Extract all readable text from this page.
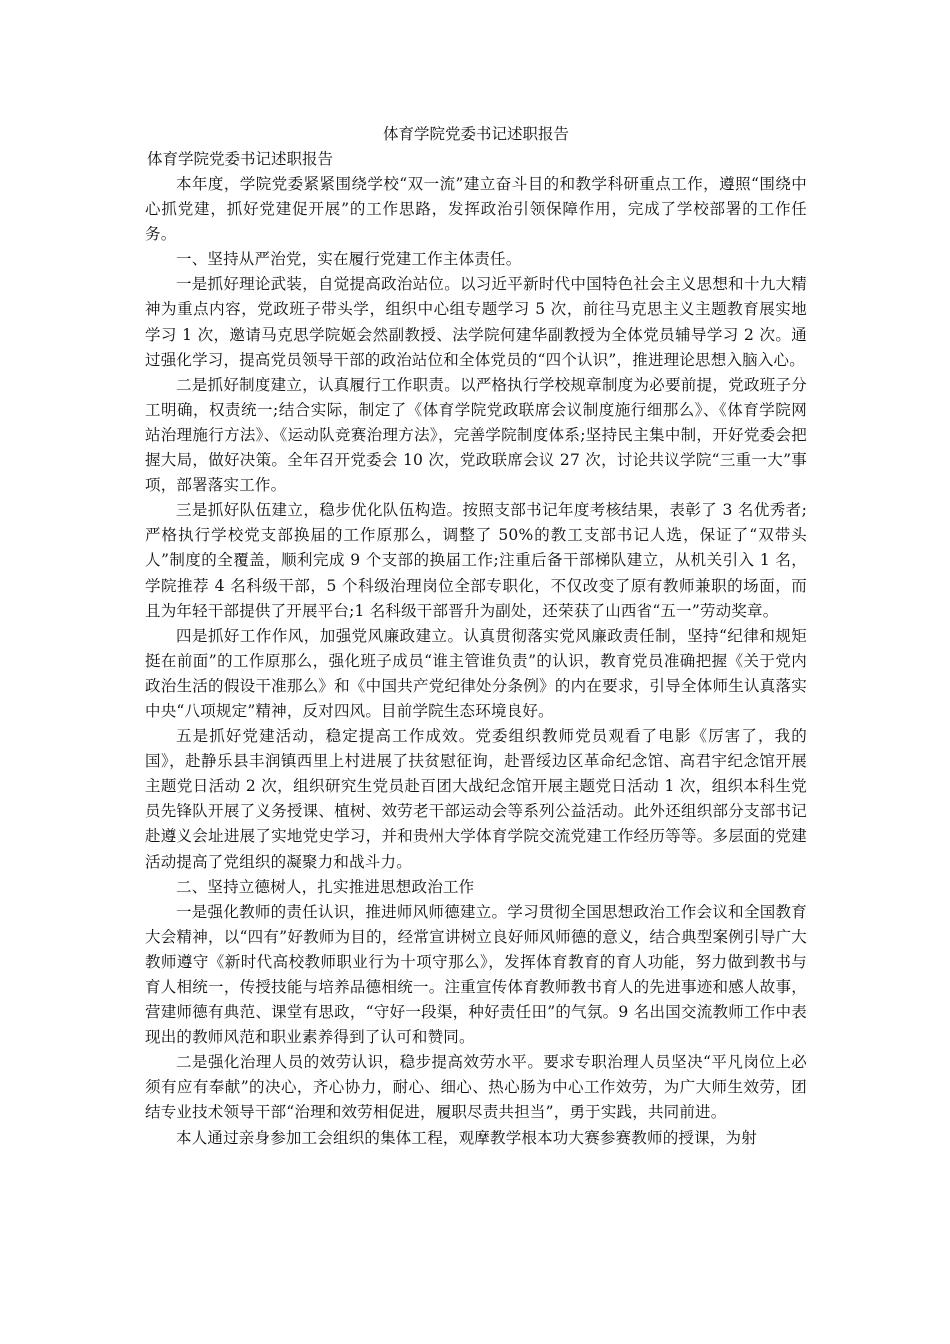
体育学院党委书记述职报告

体育学院党委书记述职报告

本年度，学院党委紧紧围绕学校“双一流”建立奋斗目的和教学科研重点工作，遵照“围绕中心抓党建，抓好党建促开展”的工作思路，发挥政治引领保障作用，完成了学校部署的工作任务。

一、坚持从严治党，实在履行党建工作主体责任。

一是抓好理论武装，自觉提高政治站位。以习近平新时代中国特色社会主义思想和十九大精神为重点内容，党政班子带头学，组织中心组专题学习 5 次，前往马克思主义主题教育展实地学习 1 次，邀请马克思学院姬会然副教授、法学院何建华副教授为全体党员辅导学习 2 次。通过强化学习，提高党员领导干部的政治站位和全体党员的“四个认识”，推进理论思想入脑入心。

二是抓好制度建立，认真履行工作职责。以严格执行学校规章制度为必要前提，党政班子分工明确，权责统一;结合实际，制定了《体育学院党政联席会议制度施行细那么》、《体育学院网站治理施行方法》、《运动队竞赛治理方法》，完善学院制度体系;坚持民主集中制，开好党委会把握大局，做好决策。全年召开党委会 10 次，党政联席会议 27 次，讨论共议学院“三重一大”事项，部署落实工作。

三是抓好队伍建立，稳步优化队伍构造。按照支部书记年度考核结果，表彰了 3 名优秀者;严格执行学校党支部换届的工作原那么，调整了 50%的教工支部书记人选，保证了“双带头人”制度的全覆盖，顺利完成 9 个支部的换届工作;注重后备干部梯队建立，从机关引入 1 名，学院推荐 4 名科级干部，5 个科级治理岗位全部专职化，不仅改变了原有教师兼职的场面，而且为年轻干部提供了开展平台;1 名科级干部晋升为副处，还荣获了山西省“五一”劳动奖章。

四是抓好工作作风，加强党风廉政建立。认真贯彻落实党风廉政责任制，坚持“纪律和规矩挺在前面”的工作原那么，强化班子成员“谁主管谁负责”的认识，教育党员准确把握《关于党内政治生活的假设干准那么》和《中国共产党纪律处分条例》的内在要求，引导全体师生认真落实中央“八项规定”精神，反对四风。目前学院生态环境良好。

五是抓好党建活动，稳定提高工作成效。党委组织教师党员观看了电影《厉害了，我的国》，赴静乐县丰润镇西里上村进展了扶贫慰征询，赴晋绥边区革命纪念馆、高君宇纪念馆开展主题党日活动 2 次，组织研究生党员赴百团大战纪念馆开展主题党日活动 1 次，组织本科生党员先锋队开展了义务授课、植树、效劳老干部运动会等系列公益活动。此外还组织部分支部书记赴遵义会址进展了实地党史学习，并和贵州大学体育学院交流党建工作经历等等。多层面的党建活动提高了党组织的凝聚力和战斗力。

二、坚持立德树人，扎实推进思想政治工作

一是强化教师的责任认识，推进师风师德建立。学习贯彻全国思想政治工作会议和全国教育大会精神，以“四有”好教师为目的，经常宣讲树立良好师风师德的意义，结合典型案例引导广大教师遵守《新时代高校教师职业行为十项守那么》，发挥体育教育的育人功能，努力做到教书与育人相统一，传授技能与培养品德相统一。注重宣传体育教师教书育人的先进事迹和感人故事，营建师德有典范、课堂有思政，“守好一段渠，种好责任田”的气氛。9 名出国交流教师工作中表现出的教师风范和职业素养得到了认可和赞同。

二是强化治理人员的效劳认识，稳步提高效劳水平。要求专职治理人员坚决“平凡岗位上必须有应有奉献”的决心，齐心协力，耐心、细心、热心肠为中心工作效劳，为广大师生效劳，团结专业技术领导干部“治理和效劳相促进，履职尽责共担当”，勇于实践，共同前进。

本人通过亲身参加工会组织的集体工程，观摩教学根本功大赛参赛教师的授课，为射
